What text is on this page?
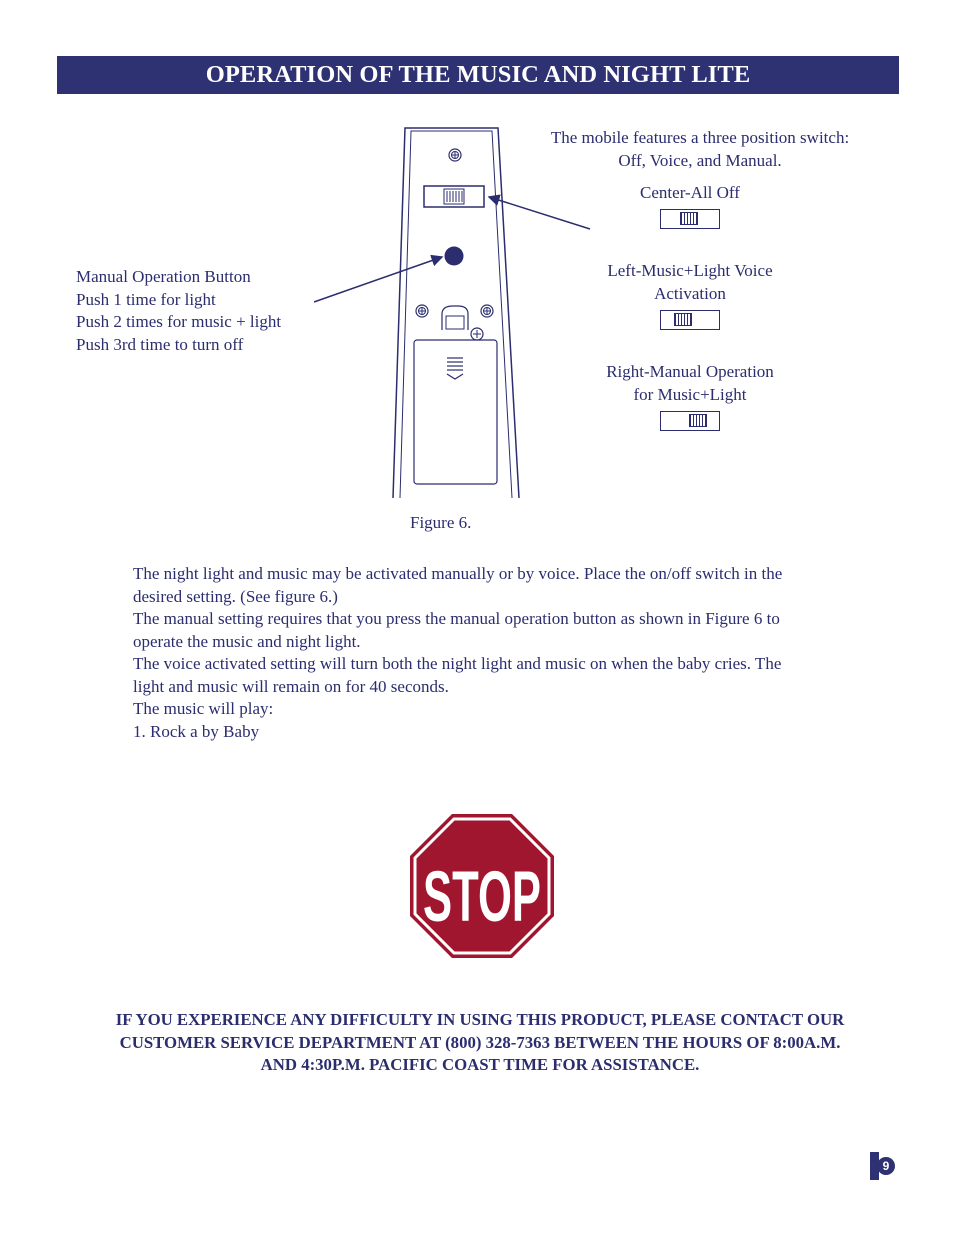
OPERATION OF THE MUSIC AND NIGHT LITE
The mobile features a three position switch:
Off, Voice, and Manual.
Manual Operation Button
Push 1 time for light
Push 2 times for music + light
Push 3rd time to turn off
Center-All Off
Left-Music+Light Voice
Activation
Right-Manual Operation
for Music+Light
Figure 6.

The night light and music may be activated manually or by voice. Place the on/off switch in the desired setting. (See figure 6.)

The manual setting requires that you press the manual operation button as shown in Figure 6 to operate the music and night light.

The voice activated setting will turn both the night light and music on when the baby cries. The light and music will remain on for 40 seconds.

The music will play:

1. Rock a by Baby

STOP
IF YOU EXPERIENCE ANY DIFFICULTY IN USING THIS PRODUCT, PLEASE CONTACT OUR
CUSTOMER SERVICE DEPARTMENT AT (800) 328-7363 BETWEEN THE HOURS OF 8:00A.M.
AND 4:30P.M. PACIFIC COAST TIME FOR ASSISTANCE.
9
